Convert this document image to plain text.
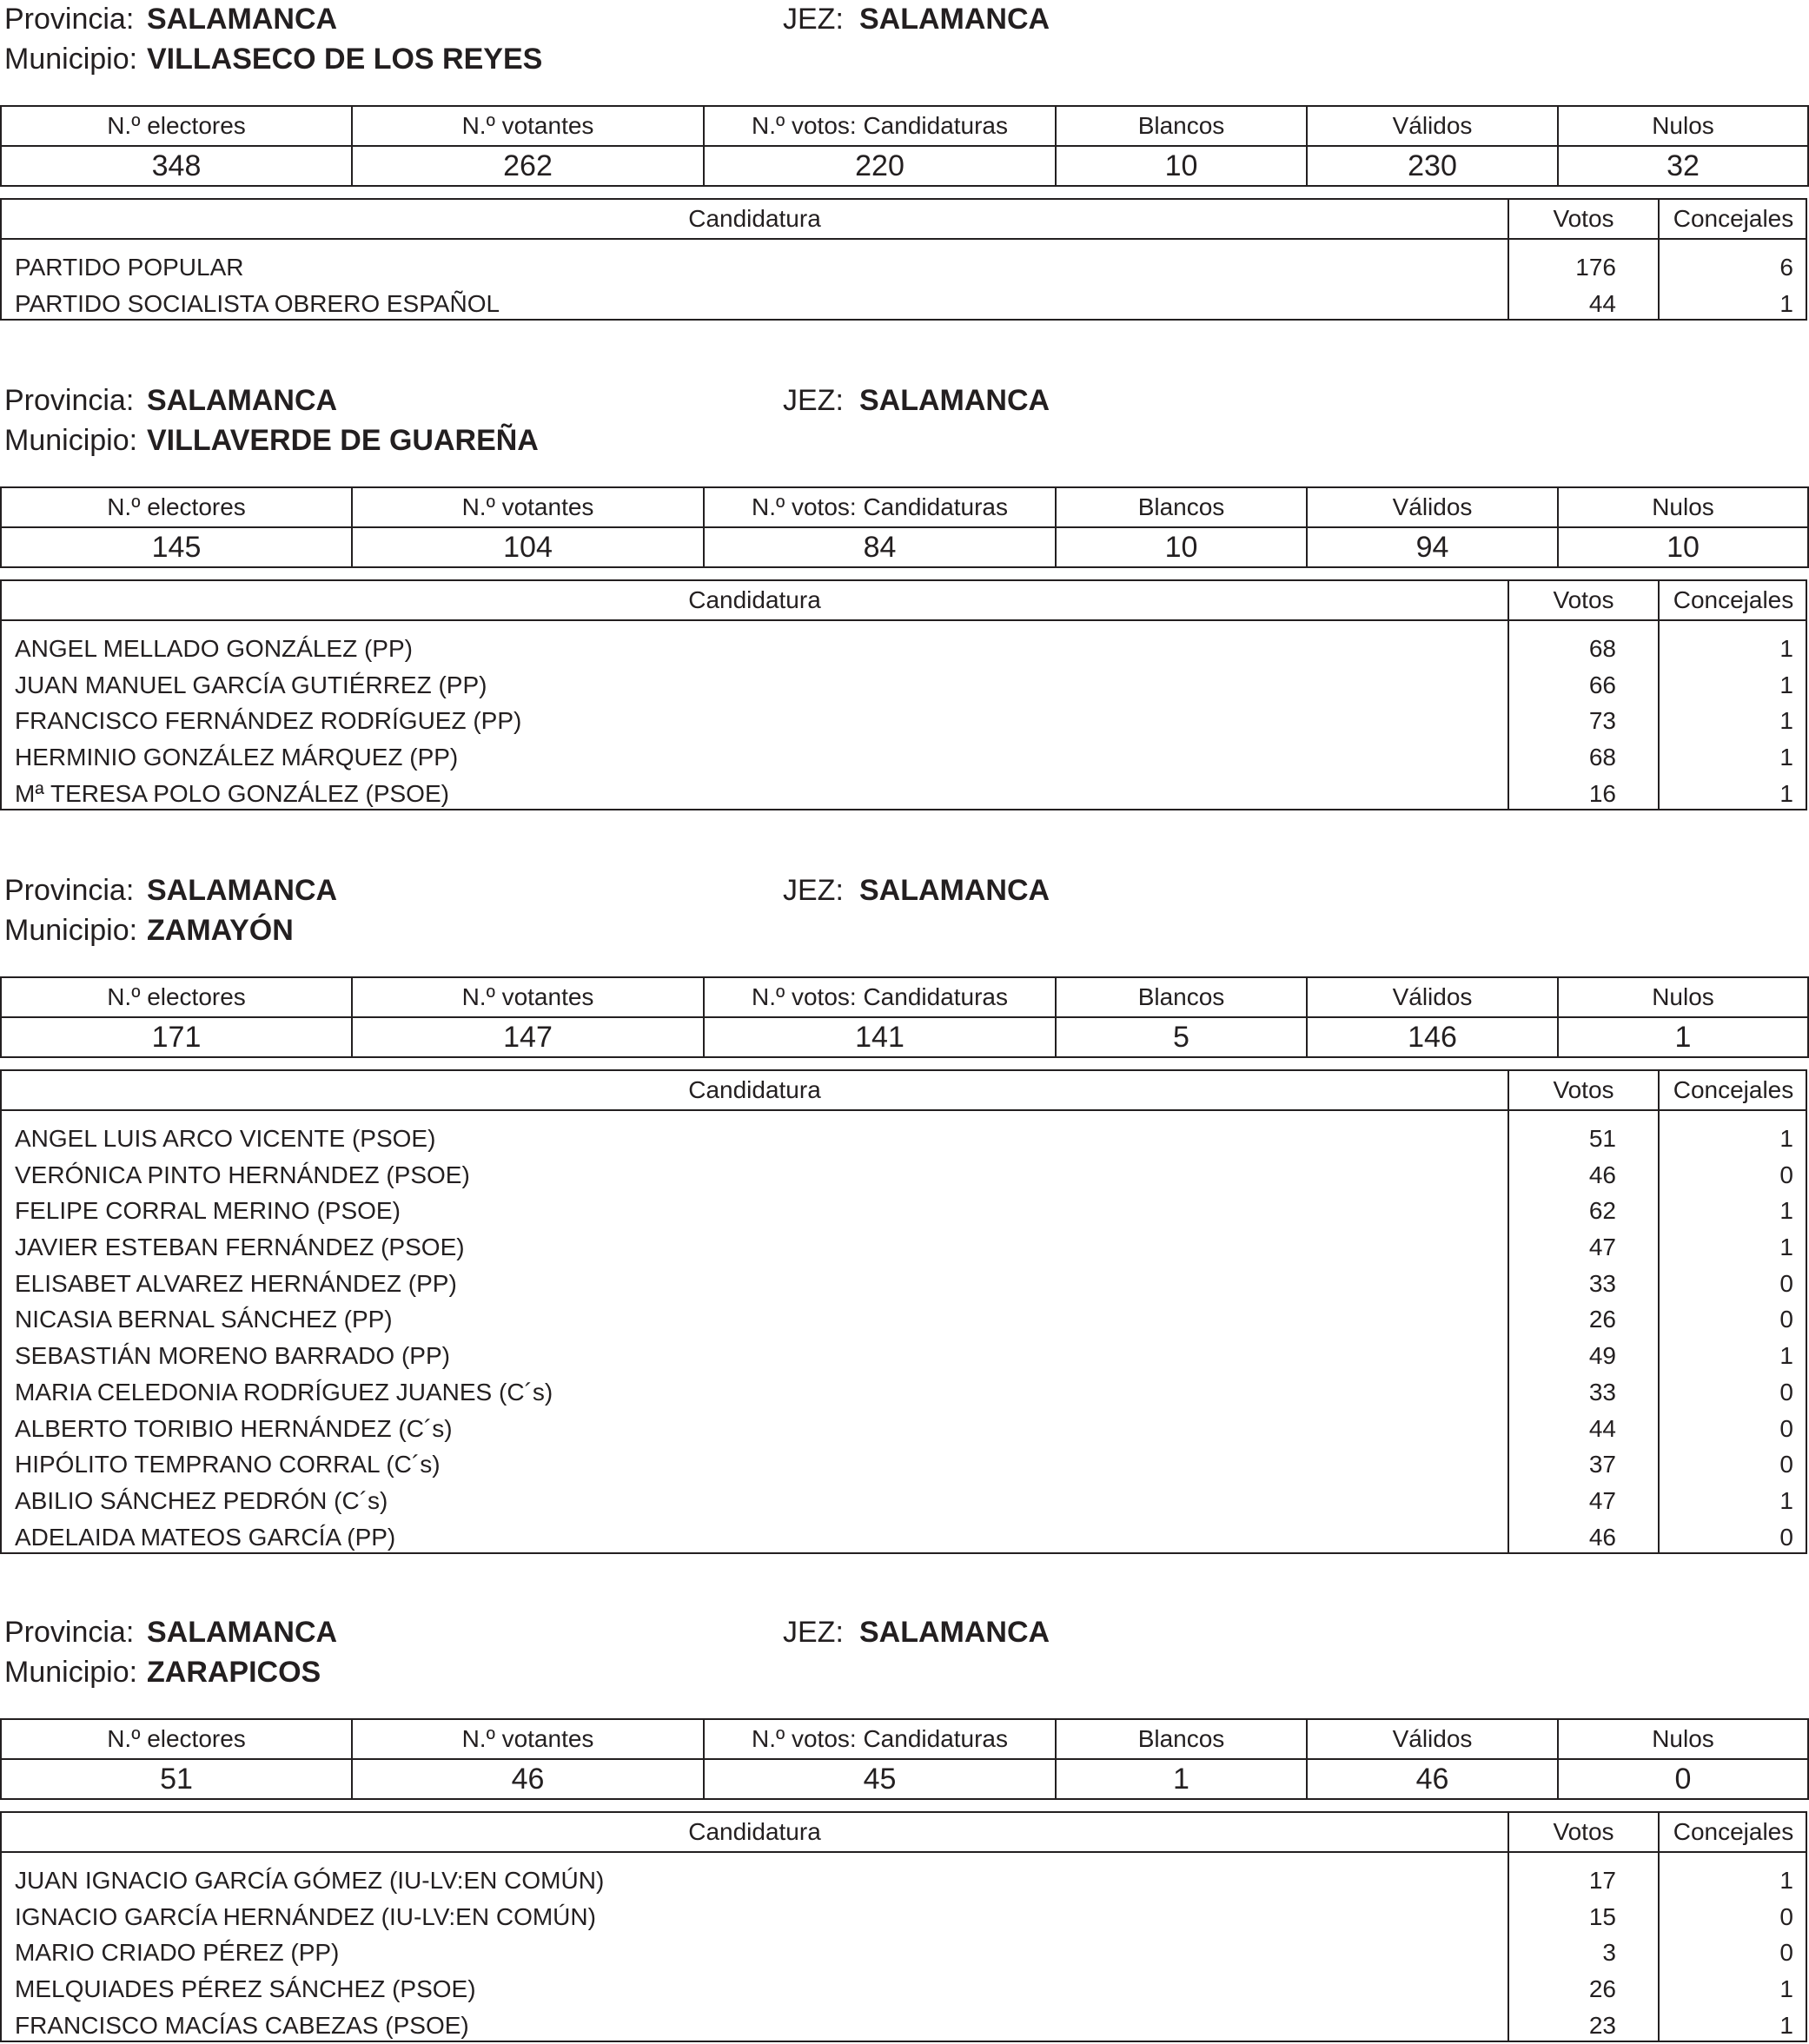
Provincia: SALAMANCA	JEZ: SALAMANCA
Municipio: VILLASECO DE LOS REYES
N.º electores	N.º votantes	N.º votos: Candidaturas	Blancos	Válidos	Nulos
348	262	220	10	230	32
Candidatura	Votos	Concejales
PARTIDO POPULAR	176	6
PARTIDO SOCIALISTA OBRERO ESPAÑOL	44	1
Provincia: SALAMANCA	JEZ: SALAMANCA
Municipio: VILLAVERDE DE GUAREÑA
N.º electores	N.º votantes	N.º votos: Candidaturas	Blancos	Válidos	Nulos
145	104	84	10	94	10
Candidatura	Votos	Concejales
ANGEL MELLADO GONZÁLEZ (PP)	68	1
JUAN MANUEL GARCÍA GUTIÉRREZ (PP)	66	1
FRANCISCO FERNÁNDEZ RODRÍGUEZ (PP)	73	1
HERMINIO GONZÁLEZ MÁRQUEZ (PP)	68	1
Mª TERESA POLO GONZÁLEZ (PSOE)	16	1
Provincia: SALAMANCA	JEZ: SALAMANCA
Municipio: ZAMAYÓN
N.º electores	N.º votantes	N.º votos: Candidaturas	Blancos	Válidos	Nulos
171	147	141	5	146	1
Candidatura	Votos	Concejales
ANGEL LUIS ARCO VICENTE (PSOE)	51	1
VERÓNICA PINTO HERNÁNDEZ (PSOE)	46	0
FELIPE CORRAL MERINO (PSOE)	62	1
JAVIER ESTEBAN FERNÁNDEZ (PSOE)	47	1
ELISABET ALVAREZ HERNÁNDEZ (PP)	33	0
NICASIA BERNAL SÁNCHEZ (PP)	26	0
SEBASTIÁN MORENO BARRADO (PP)	49	1
MARIA CELEDONIA RODRÍGUEZ JUANES (C´s)	33	0
ALBERTO TORIBIO HERNÁNDEZ (C´s)	44	0
HIPÓLITO TEMPRANO CORRAL (C´s)	37	0
ABILIO SÁNCHEZ PEDRÓN (C´s)	47	1
ADELAIDA MATEOS GARCÍA (PP)	46	0
Provincia: SALAMANCA	JEZ: SALAMANCA
Municipio: ZARAPICOS
N.º electores	N.º votantes	N.º votos: Candidaturas	Blancos	Válidos	Nulos
51	46	45	1	46	0
Candidatura	Votos	Concejales
JUAN IGNACIO GARCÍA GÓMEZ (IU-LV:EN COMÚN)	17	1
IGNACIO GARCÍA HERNÁNDEZ (IU-LV:EN COMÚN)	15	0
MARIO CRIADO PÉREZ (PP)	3	0
MELQUIADES PÉREZ SÁNCHEZ (PSOE)	26	1
FRANCISCO MACÍAS CABEZAS (PSOE)	23	1
